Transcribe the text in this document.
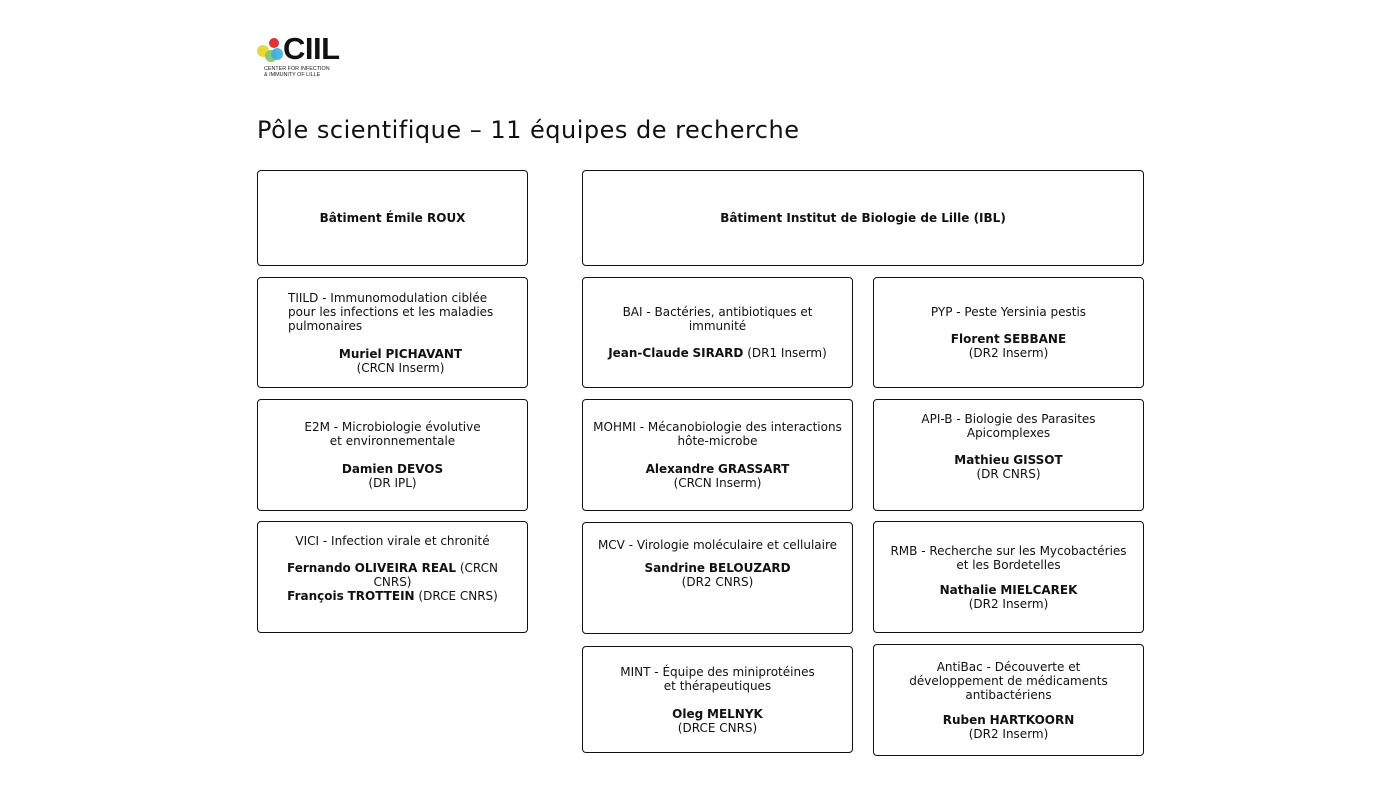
CIIL
CENTER FOR INFECTION
& IMMUNITY OF LILLE
Pôle scientifique – 11 équipes de recherche
Bâtiment Émile ROUX	Bâtiment Institut de Biologie de Lille (IBL)
TIILD - Immunomodulation ciblée pour les infections et les maladies pulmonaires
Muriel PICHAVANT
(CRCN Inserm)
E2M - Microbiologie évolutive et environnementale
Damien DEVOS
(DR IPL)
VICI - Infection virale et chronité
Fernando OLIVEIRA REAL (CRCN CNRS)
François TROTTEIN (DRCE CNRS)
BAI - Bactéries, antibiotiques et immunité
Jean-Claude SIRARD (DR1 Inserm)
MOHMI - Mécanobiologie des interactions hôte-microbe
Alexandre GRASSART
(CRCN Inserm)
MCV - Virologie moléculaire et cellulaire
Sandrine BELOUZARD
(DR2 CNRS)
MINT - Équipe des miniprotéines et thérapeutiques
Oleg MELNYK
(DRCE CNRS)
PYP - Peste Yersinia pestis
Florent SEBBANE
(DR2 Inserm)
API-B - Biologie des Parasites Apicomplexes
Mathieu GISSOT
(DR CNRS)
RMB - Recherche sur les Mycobactéries et les Bordetelles
Nathalie MIELCAREK
(DR2 Inserm)
AntiBac - Découverte et développement de médicaments antibactériens
Ruben HARTKOORN
(DR2 Inserm)
